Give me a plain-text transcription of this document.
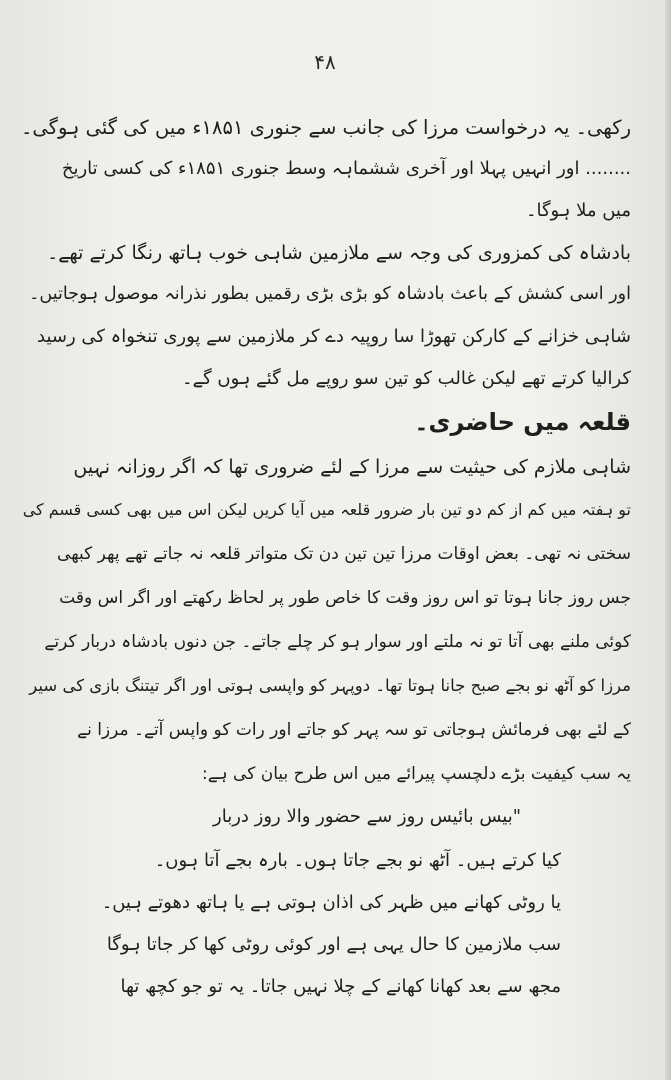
۴۸
رکھی۔ یہ درخواست مرزا کی جانب سے جنوری ۱۸۵۱ء میں کی گئی ہوگی۔
........ اور انہیں پہلا اور آخری ششماہہ وسط جنوری ۱۸۵۱ء کی کسی تاریخ
میں ملا ہوگا۔
بادشاہ کی کمزوری کی وجہ سے ملازمین شاہی خوب ہاتھ رنگا کرتے تھے۔
اور اسی کشش کے باعث بادشاہ کو بڑی بڑی رقمیں بطور نذرانہ موصول ہوجاتیں۔
شاہی خزانے کے کارکن تھوڑا سا روپیہ دے کر ملازمین سے پوری تنخواہ کی رسید
کرالیا کرتے تھے لیکن غالب کو تین سو روپے مل گئے ہوں گے۔
قلعہ میں حاضری۔
شاہی ملازم کی حیثیت سے مرزا کے لئے ضروری تھا کہ اگر روزانہ نہیں
تو ہفتہ میں کم از کم دو تین بار ضرور قلعہ میں آیا کریں لیکن اس میں بھی کسی قسم کی
سختی نہ تھی۔ بعض اوقات مرزا تین تین دن تک متواتر قلعہ نہ جاتے تھے پھر کبھی
جس روز جانا ہوتا تو اس روز وقت کا خاص طور پر لحاظ رکھتے اور اگر اس وقت
کوئی ملنے بھی آتا تو نہ ملتے اور سوار ہو کر چلے جاتے۔ جن دنوں بادشاہ دربار کرتے
مرزا کو آٹھ نو بجے صبح جانا ہوتا تھا۔ دوپہر کو واپسی ہوتی اور اگر تیتنگ بازی کی سیر
کے لئے بھی فرمائش ہوجاتی تو سہ پہر کو جاتے اور رات کو واپس آتے۔ مرزا نے
یہ سب کیفیت بڑے دلچسپ پیرائے میں اس طرح بیان کی ہے:
"بیس بائیس روز سے حضور والا روز دربار
کیا کرتے ہیں۔ آٹھ نو بجے جاتا ہوں۔ بارہ بجے آتا ہوں۔
یا روٹی کھانے میں ظہر کی اذان ہوتی ہے یا ہاتھ دھوتے ہیں۔
سب ملازمین کا حال یہی ہے اور کوئی روٹی کھا کر جاتا ہوگا
مجھ سے بعد کھانا کھانے کے چلا نہیں جاتا۔ یہ تو جو کچھ تھا
